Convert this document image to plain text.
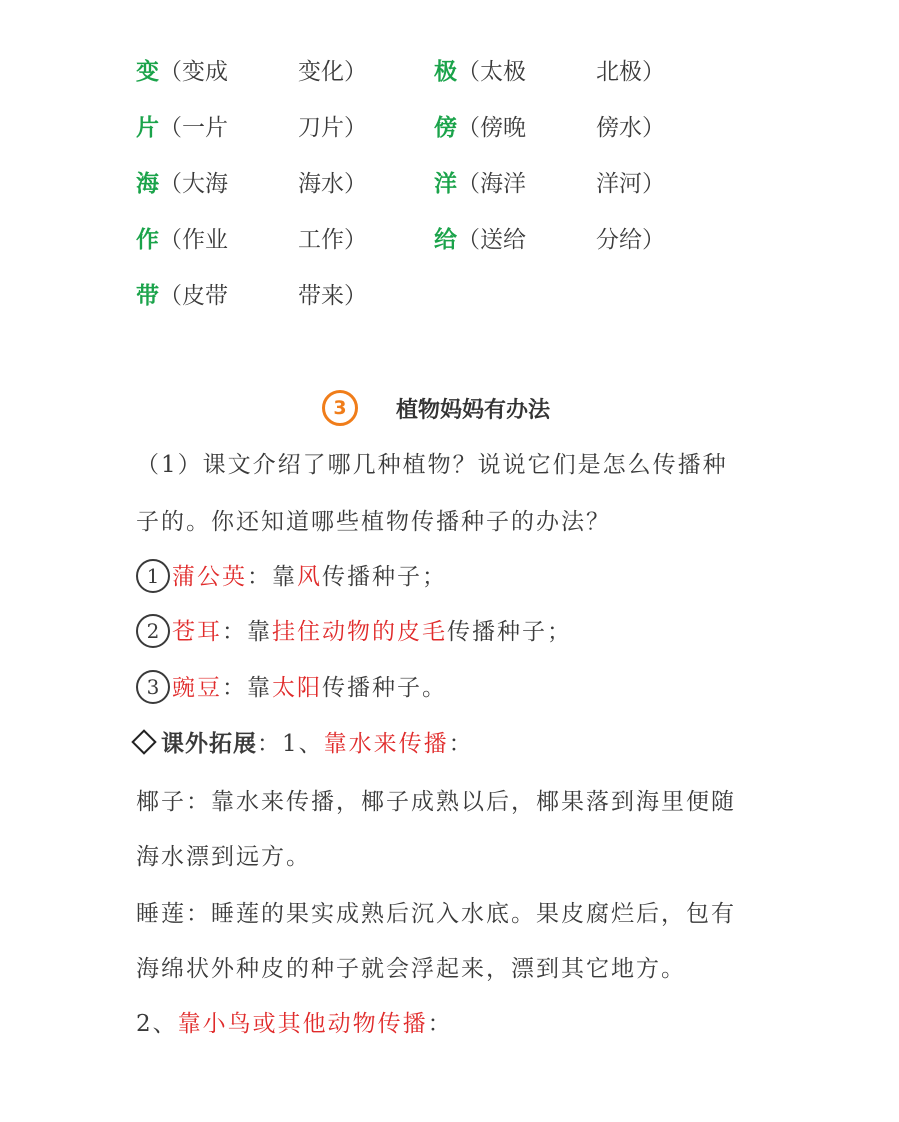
变（变成	变化）	极（太极	北极）
片（一片	刀片）	傍（傍晚	傍水）
海（大海	海水）	洋（海洋	洋河）
作（作业	工作）	给（送给	分给）
带（皮带	带来）
3	植物妈妈有办法
（1）课文介绍了哪几种植物？说说它们是怎么传播种
子的。你还知道哪些植物传播种子的办法？
1 蒲公英：靠风传播种子；
2 苍耳：靠挂住动物的皮毛传播种子；
3 豌豆：靠太阳传播种子。
课外拓展：1、靠水来传播：
椰子：靠水来传播，椰子成熟以后，椰果落到海里便随
海水漂到远方。
睡莲：睡莲的果实成熟后沉入水底。果皮腐烂后，包有
海绵状外种皮的种子就会浮起来，漂到其它地方。
2、靠小鸟或其他动物传播：
